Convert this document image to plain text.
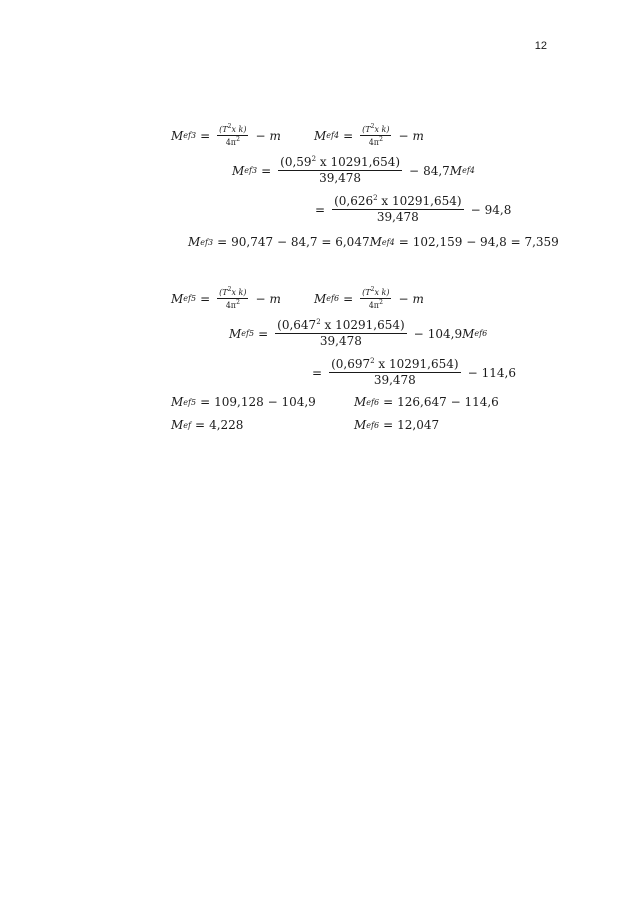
12
M $ef3 = \frac{(T^2x k)}{4\pi^2} - m$	M $ef4 = \frac{(T^2x k)}{4\pi^2} - m$
M $ef3 = \frac{(0,59^2 x 10291,654)}{39,478} - 84,7$ M ef4
= $\frac{(0,626^2 x 10291,654)}{39,478} - 94,8$
M ef3 = 90,747 − 84,7 = 6,047 M ef4 = 102,159 − 94,8 = 7,359
M $ef5 = \frac{(T^2x k)}{4\pi^2} - m$	M $ef6 = \frac{(T^2x k)}{4\pi^2} - m$
M $ef5 = \frac{(0,647^2 x 10291,654)}{39,478} - 104,9$ M ef6
= $\frac{(0,697^2 x 10291,654)}{39,478} - 114,6$
M ef5 = 109,128 − 104,9	M ef6 = 126,647 − 114,6
M ef = 4,228	M ef6 = 12,047
